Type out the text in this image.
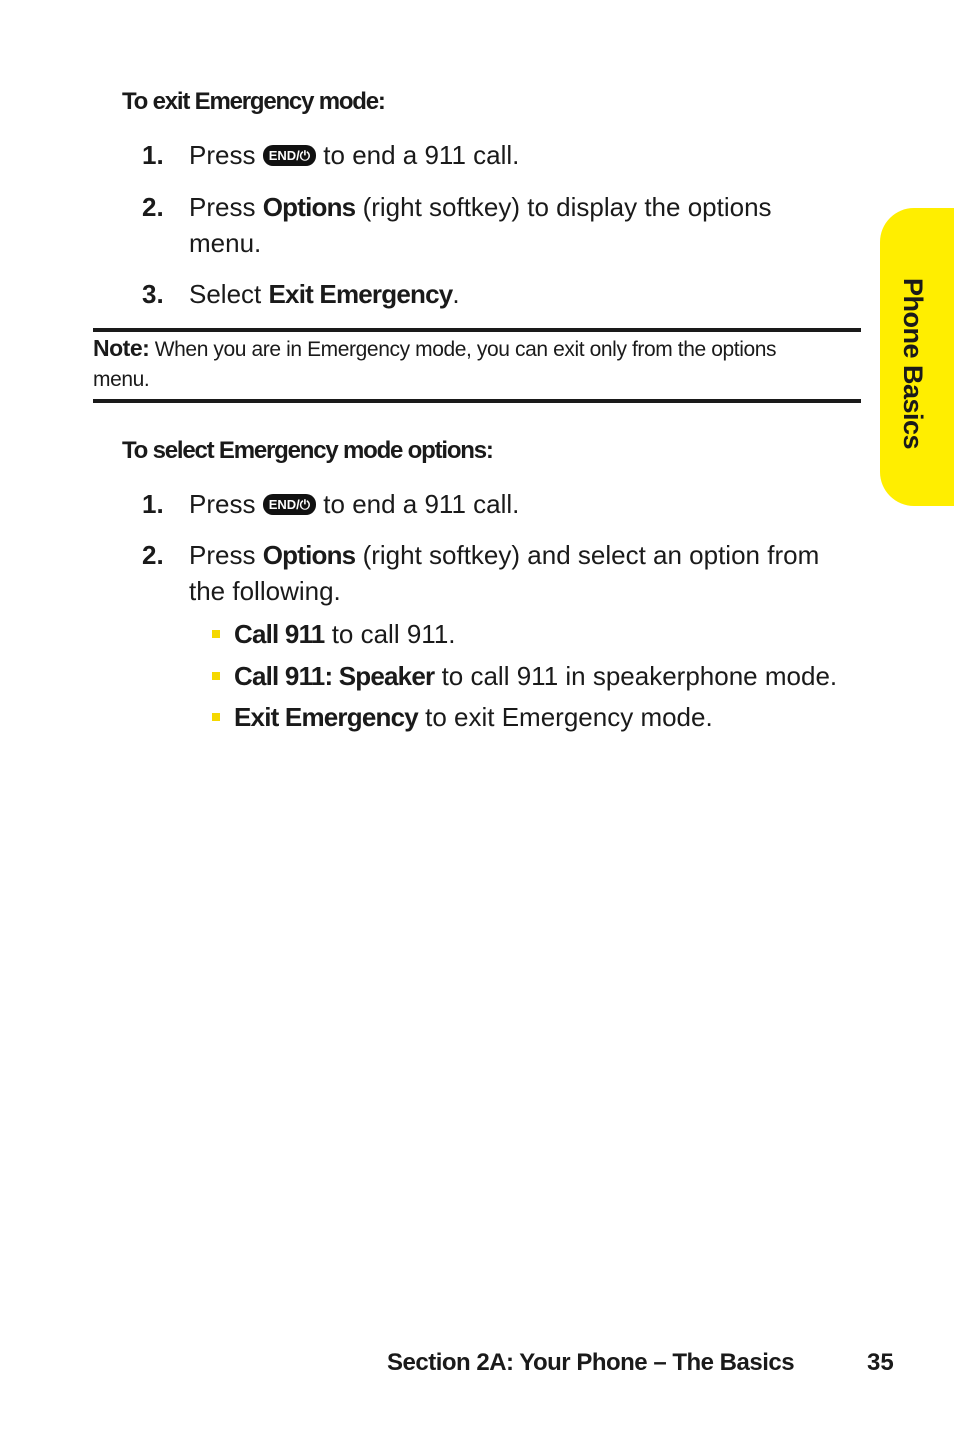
To exit Emergency mode:
1. Press END/⏻ to end a 911 call.
2. Press Options (right softkey) to display the options menu.
3. Select Exit Emergency.
Note: When you are in Emergency mode, you can exit only from the options menu.
To select Emergency mode options:
1. Press END/⏻ to end a 911 call.
2. Press Options (right softkey) and select an option from the following.
Call 911 to call 911.
Call 911: Speaker to call 911 in speakerphone mode.
Exit Emergency to exit Emergency mode.
Phone Basics
Section 2A: Your Phone – The Basics	35
